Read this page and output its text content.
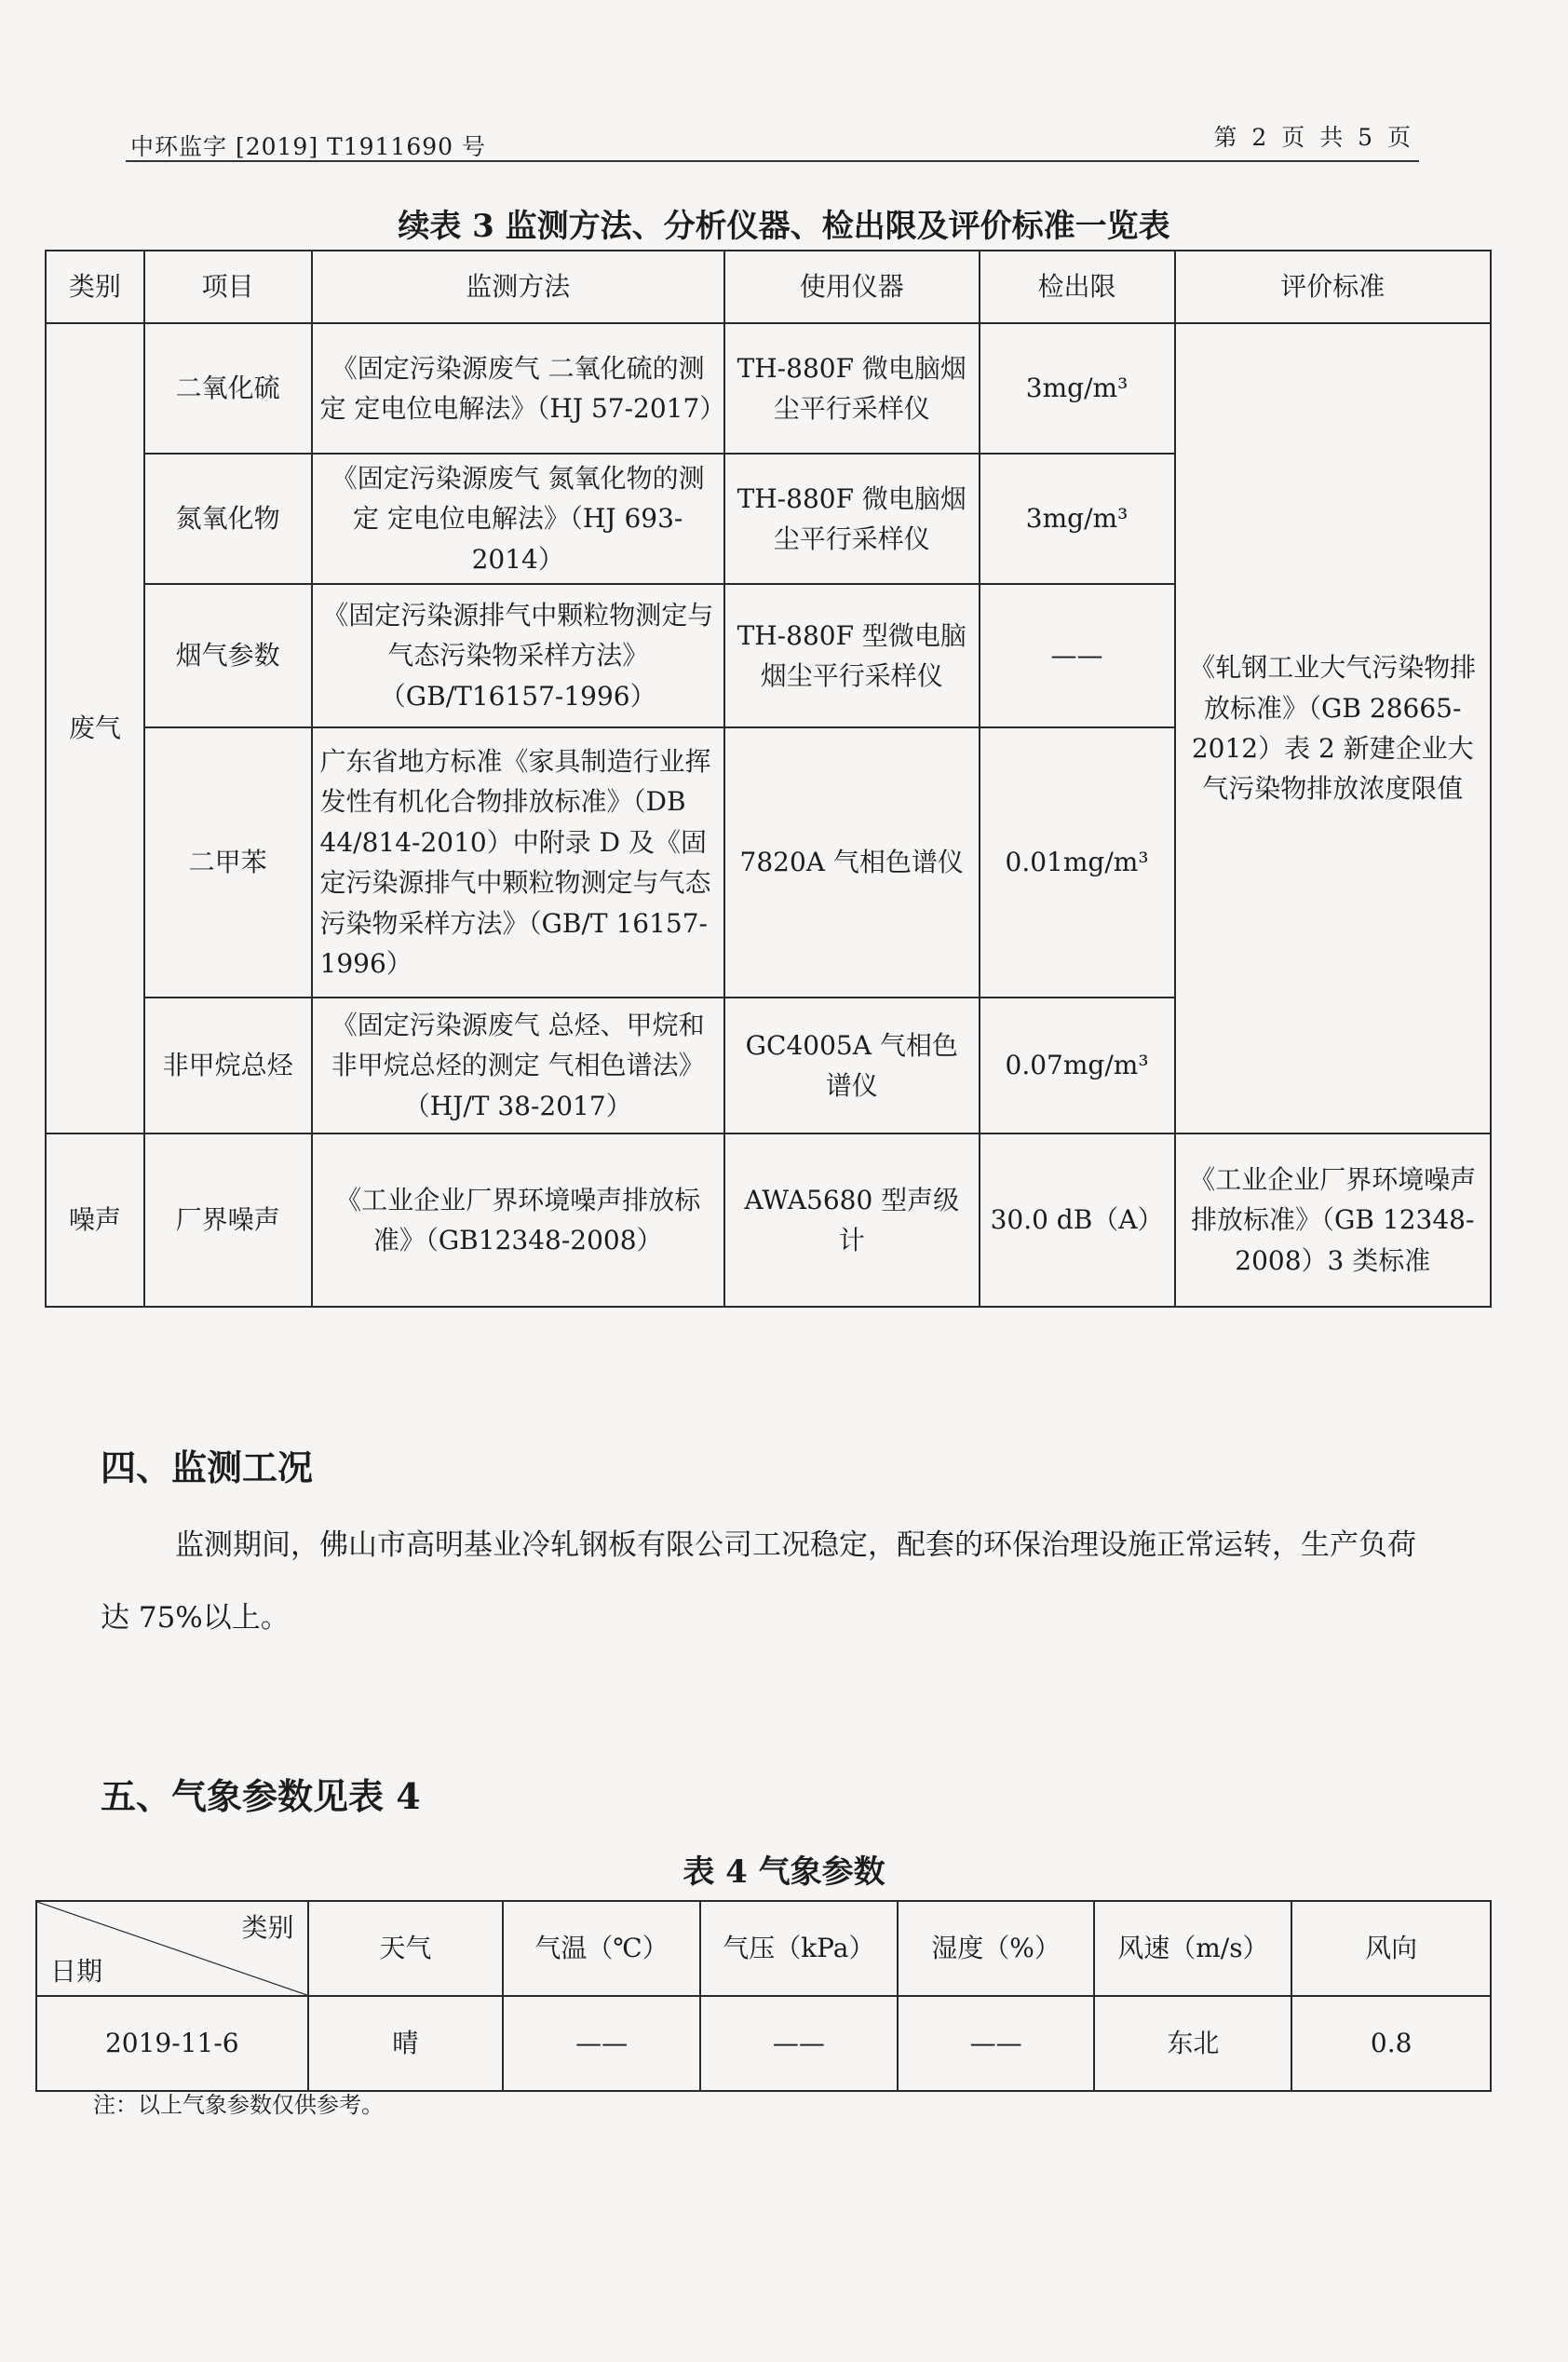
中环监字 [2019] T1911690 号	第 2 页 共 5 页
续表 3 监测方法、分析仪器、检出限及评价标准一览表
类别	项目	监测方法	使用仪器	检出限	评价标准
废气	二氧化硫	《固定污染源废气 二氧化硫的测定 定电位电解法》（HJ 57-2017）	TH-880F 微电脑烟尘平行采样仪	3mg/m³	《轧钢工业大气污染物排放标准》（GB 28665-2012）表 2 新建企业大气污染物排放浓度限值
	氮氧化物	《固定污染源废气 氮氧化物的测定 定电位电解法》（HJ 693-2014）	TH-880F 微电脑烟尘平行采样仪	3mg/m³	
	烟气参数	《固定污染源排气中颗粒物测定与气态污染物采样方法》（GB/T16157-1996）	TH-880F 型微电脑烟尘平行采样仪	——	
	二甲苯	广东省地方标准《家具制造行业挥发性有机化合物排放标准》（DB 44/814-2010）中附录 D 及《固定污染源排气中颗粒物测定与气态污染物采样方法》（GB/T 16157-1996）	7820A 气相色谱仪	0.01mg/m³	
	非甲烷总烃	《固定污染源废气 总烃、甲烷和非甲烷总烃的测定 气相色谱法》（HJ/T 38-2017）	GC4005A 气相色谱仪	0.07mg/m³	
噪声	厂界噪声	《工业企业厂界环境噪声排放标准》（GB12348-2008）	AWA5680 型声级计	30.0 dB（A）	《工业企业厂界环境噪声排放标准》（GB 12348-2008）3 类标准
四、监测工况
监测期间，佛山市高明基业冷轧钢板有限公司工况稳定，配套的环保治理设施正常运转，生产负荷达 75%以上。
五、气象参数见表 4
表 4 气象参数
类别
日期	天气	气温（℃）	气压（kPa）	湿度（%）	风速（m/s）	风向
2019-11-6	晴	——	——	——	东北	0.8
注：以上气象参数仅供参考。
